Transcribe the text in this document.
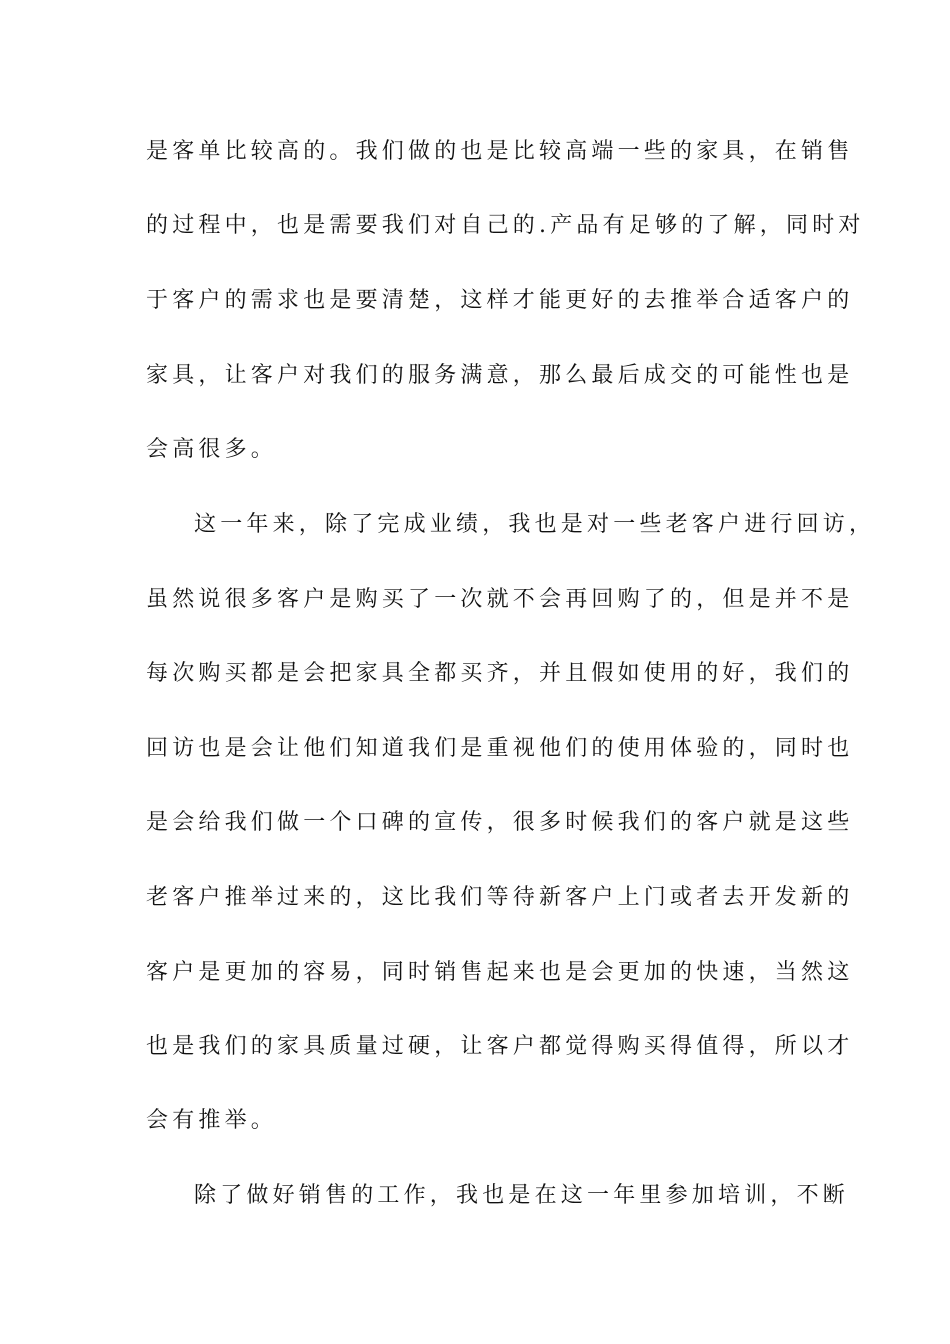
是客单比较高的。我们做的也是比较高端一些的家具，在销售
的过程中，也是需要我们对自己的.产品有足够的了解，同时对
于客户的需求也是要清楚，这样才能更好的去推举合适客户的
家具，让客户对我们的服务满意，那么最后成交的可能性也是
会高很多。
这一年来，除了完成业绩，我也是对一些老客户进行回访，
虽然说很多客户是购买了一次就不会再回购了的，但是并不是
每次购买都是会把家具全都买齐，并且假如使用的好，我们的
回访也是会让他们知道我们是重视他们的使用体验的，同时也
是会给我们做一个口碑的宣传，很多时候我们的客户就是这些
老客户推举过来的，这比我们等待新客户上门或者去开发新的
客户是更加的容易，同时销售起来也是会更加的快速，当然这
也是我们的家具质量过硬，让客户都觉得购买得值得，所以才
会有推举。
除了做好销售的工作，我也是在这一年里参加培训，不断
